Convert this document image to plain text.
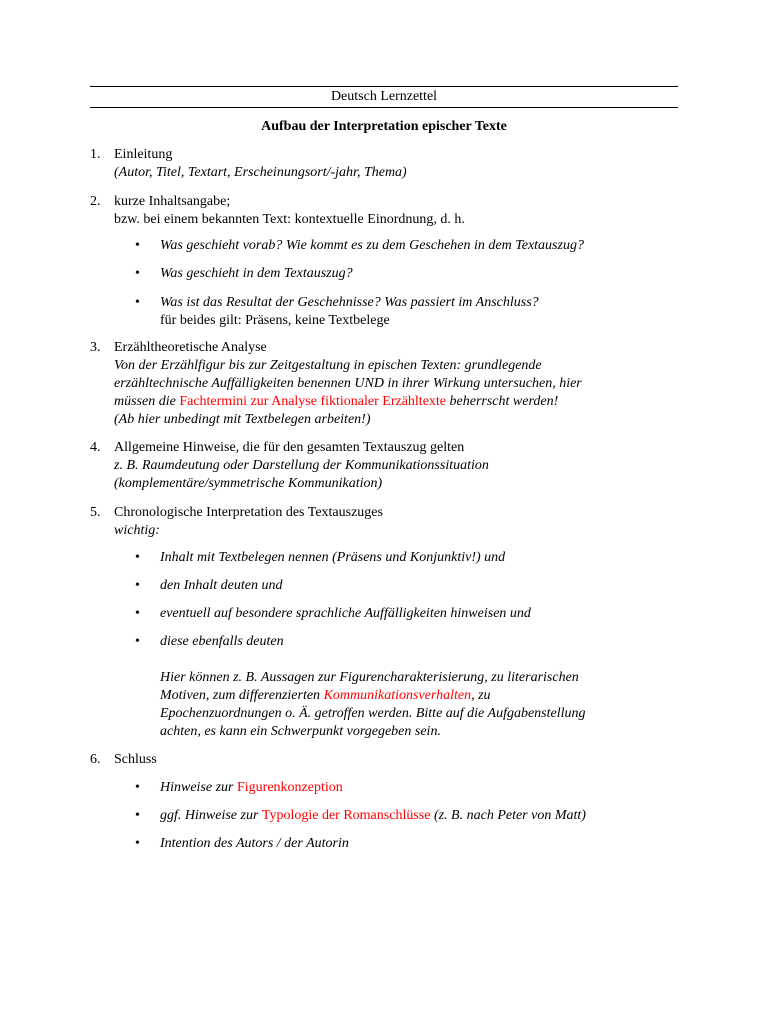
Deutsch Lernzettel
Aufbau der Interpretation epischer Texte
1. Einleitung
(Autor, Titel, Textart, Erscheinungsort/-jahr, Thema)
2. kurze Inhaltsangabe;
bzw. bei einem bekannten Text: kontextuelle Einordnung, d. h.
• Was geschieht vorab? Wie kommt es zu dem Geschehen in dem Textauszug?
• Was geschieht in dem Textauszug?
• Was ist das Resultat der Geschehnisse? Was passiert im Anschluss?
für beides gilt: Präsens, keine Textbelege
3. Erzähltheoretische Analyse
Von der Erzählfigur bis zur Zeitgestaltung in epischen Texten: grundlegende
erzähltechnische Auffälligkeiten benennen UND in ihrer Wirkung untersuchen, hier
müssen die Fachtermini zur Analyse fiktionaler Erzähltexte beherrscht werden!
(Ab hier unbedingt mit Textbelegen arbeiten!)
4. Allgemeine Hinweise, die für den gesamten Textauszug gelten
z. B. Raumdeutung oder Darstellung der Kommunikationssituation
(komplementäre/symmetrische Kommunikation)
5. Chronologische Interpretation des Textauszuges
wichtig:
• Inhalt mit Textbelegen nennen (Präsens und Konjunktiv!) und
• den Inhalt deuten und
• eventuell auf besondere sprachliche Auffälligkeiten hinweisen und
• diese ebenfalls deuten
Hier können z. B. Aussagen zur Figurencharakterisierung, zu literarischen
Motiven, zum differenzierten Kommunikationsverhalten, zu
Epochenzuordnungen o. Ä. getroffen werden. Bitte auf die Aufgabenstellung
achten, es kann ein Schwerpunkt vorgegeben sein.
6. Schluss
• Hinweise zur Figurenkonzeption
• ggf. Hinweise zur Typologie der Romanschlüsse (z. B. nach Peter von Matt)
• Intention des Autors / der Autorin
